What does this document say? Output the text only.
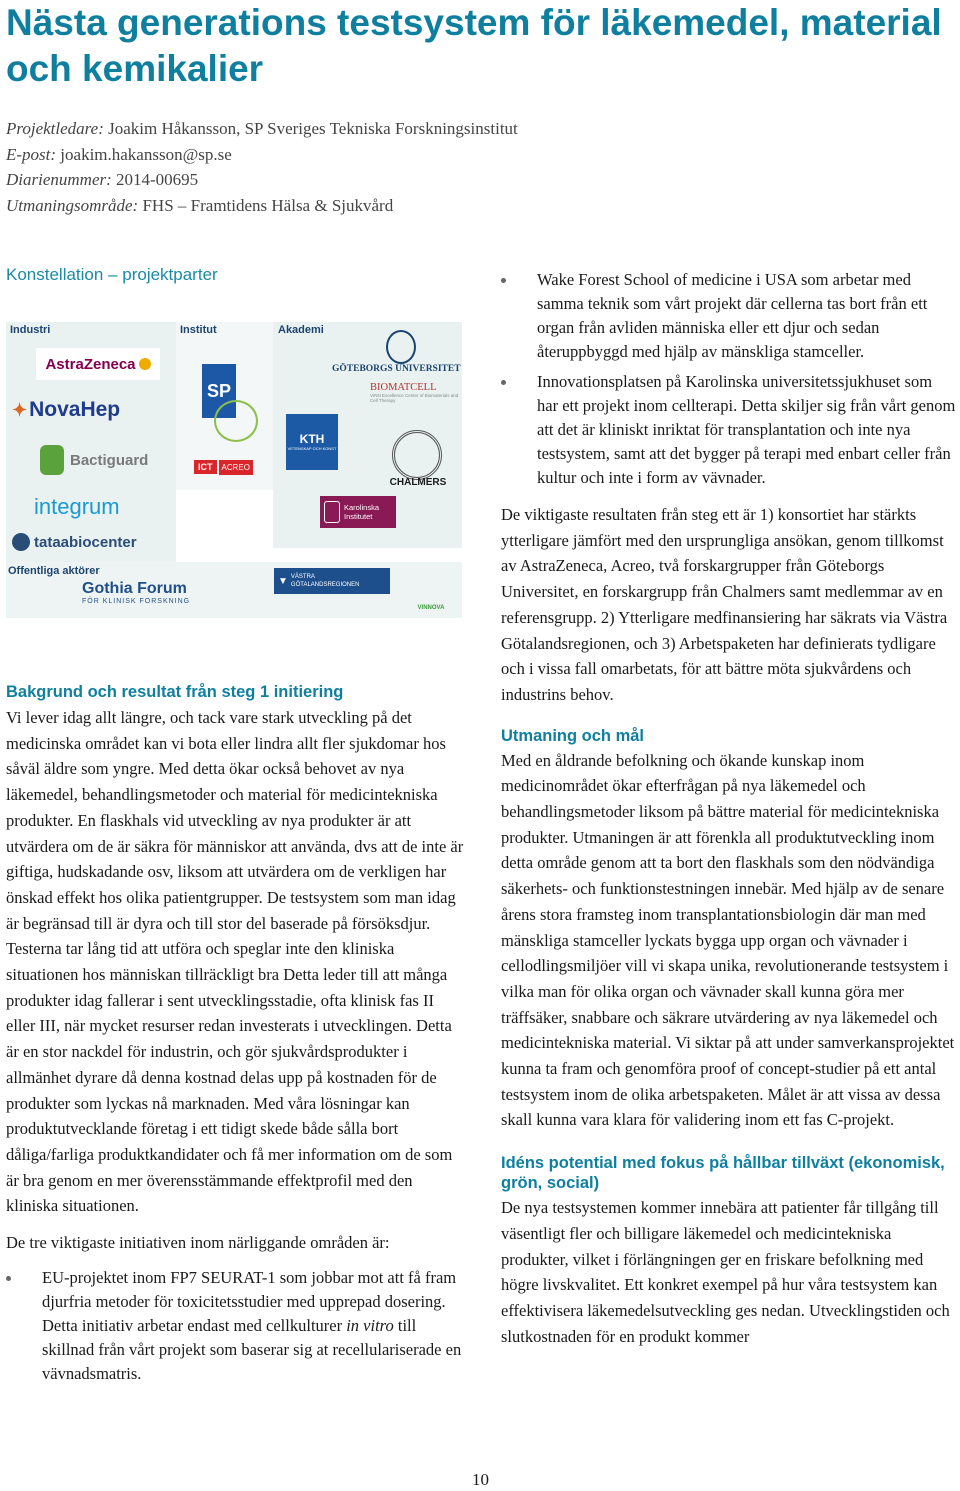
Nästa generations testsystem för läkemedel, material och kemikalier
Projektledare: Joakim Håkansson, SP Sveriges Tekniska Forskningsinstitut
E-post: joakim.hakansson@sp.se
Diarienummer: 2014-00695
Utmaningsområde: FHS – Framtidens Hälsa & Sjukvård
Konstellation – projektparter
Industri	Institut	Akademi
Offentliga aktörer
AstraZeneca
✦ NovaHep
Bactiguard
integrum
tataabiocenter
SP
ICT	ACREO
GÖTEBORGS UNIVERSITET
BIOMATCELL
VINN Excellence Center of Biomaterials and Cell Therapy
KTH
VETENSKAP OCH KONST
CHALMERS
Karolinska Institutet
Gothia Forum
FÖR KLINISK FORSKNING
▼ VÄSTRA GÖTALANDSREGIONEN
VINNOVA
Bakgrund och resultat från steg 1 initiering

Vi lever idag allt längre, och tack vare stark utveckling på det medicinska området kan vi bota eller lindra allt fler sjukdomar hos såväl äldre som yngre. Med detta ökar också behovet av nya läkemedel, behandlingsmetoder och material för medicintekniska produkter. En flaskhals vid utveckling av nya produkter är att utvärdera om de är säkra för människor att använda, dvs att de inte är giftiga, hudskadande osv, liksom att utvärdera om de verkligen har önskad effekt hos olika patientgrupper. De testsystem som man idag är begränsad till är dyra och till stor del baserade på försöksdjur. Testerna tar lång tid att utföra och speglar inte den kliniska situationen hos människan tillräckligt bra Detta leder till att många produkter idag fallerar i sent utvecklingsstadie, ofta klinisk fas II eller III, när mycket resurser redan investerats i utvecklingen. Detta är en stor nackdel för industrin, och gör sjukvårdsprodukter i allmänhet dyrare då denna kostnad delas upp på kostnaden för de produkter som lyckas nå marknaden. Med våra lösningar kan produktutvecklande företag i ett tidigt skede både sålla bort dåliga/farliga produktkandidater och få mer information om de som är bra genom en mer överensstämmande effektprofil med den kliniska situationen.

De tre viktigaste initiativen inom närliggande områden är:

EU-projektet inom FP7 SEURAT-1 som jobbar mot att få fram djurfria metoder för toxicitetsstudier med upprepad dosering. Detta initiativ arbetar endast med cellkulturer in vitro till skillnad från vårt projekt som baserar sig at recellulariserade en vävnadsmatris.
Wake Forest School of medicine i USA som arbetar med samma teknik som vårt projekt där cellerna tas bort från ett organ från avliden människa eller ett djur och sedan återuppbyggd med hjälp av mänskliga stamceller.
Innovationsplatsen på Karolinska universitetssjukhuset som har ett projekt inom cellterapi. Detta skiljer sig från vårt genom att det är kliniskt inriktat för transplantation och inte nya testsystem, samt att det bygger på terapi med enbart celler från kultur och inte i form av vävnader.

De viktigaste resultaten från steg ett är 1) konsortiet har stärkts ytterligare jämfört med den ursprungliga ansökan, genom tillkomst av AstraZeneca, Acreo, två forskargrupper från Göteborgs Universitet, en forskargrupp från Chalmers samt medlemmar av en referensgrupp. 2) Ytterligare medfinansiering har säkrats via Västra Götalandsregionen, och 3) Arbetspaketen har definierats tydligare och i vissa fall omarbetats, för att bättre möta sjukvårdens och industrins behov.

Utmaning och mål

Med en åldrande befolkning och ökande kunskap inom medicinområdet ökar efterfrågan på nya läkemedel och behandlingsmetoder liksom på bättre material för medicintekniska produkter. Utmaningen är att förenkla all produktutveckling inom detta område genom att ta bort den flaskhals som den nödvändiga säkerhets- och funktionstestningen innebär. Med hjälp av de senare årens stora framsteg inom transplantationsbiologin där man med mänskliga stamceller lyckats bygga upp organ och vävnader i cellodlingsmiljöer vill vi skapa unika, revolutionerande testsystem i vilka man för olika organ och vävnader skall kunna göra mer träffsäker, snabbare och säkrare utvärdering av nya läkemedel och medicintekniska material. Vi siktar på att under samverkansprojektet kunna ta fram och genomföra proof of concept-studier på ett antal testsystem inom de olika arbetspaketen. Målet är att vissa av dessa skall kunna vara klara för validering inom ett fas C-projekt.

Idéns potential med fokus på hållbar tillväxt (ekonomisk, grön, social)

De nya testsystemen kommer innebära att patienter får tillgång till väsentligt fler och billigare läkemedel och medicintekniska produkter, vilket i förlängningen ger en friskare befolkning med högre livskvalitet. Ett konkret exempel på hur våra testsystem kan effektivisera läkemedelsutveckling ges nedan. Utvecklingstiden och slutkostnaden för en produkt kommer

10
